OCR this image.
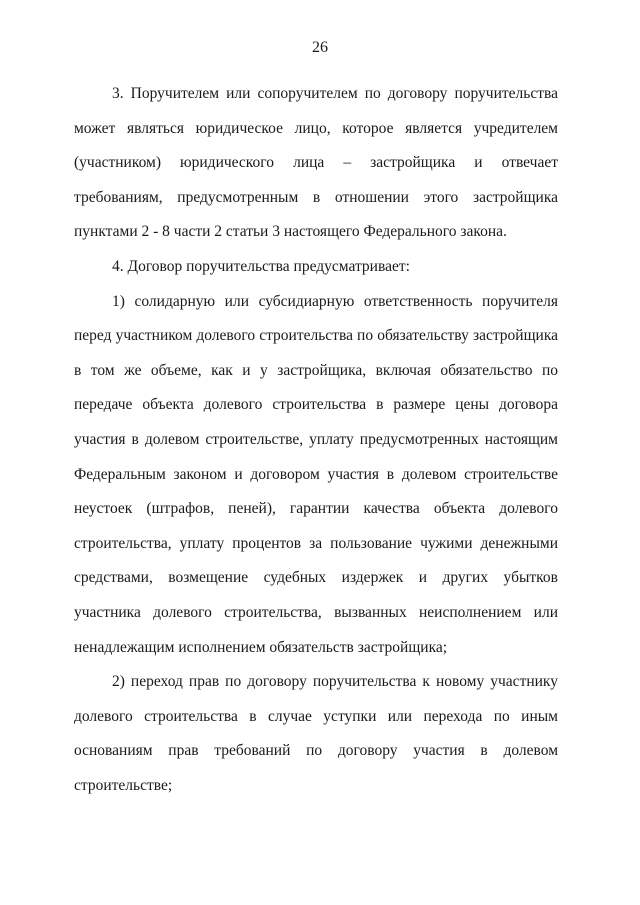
26

3. Поручителем или сопоручителем по договору поручительства может являться юридическое лицо, которое является учредителем (участником) юридического лица – застройщика и отвечает требованиям, предусмотренным в отношении этого застройщика пунктами 2 - 8 части 2 статьи 3 настоящего Федерального закона.

4. Договор поручительства предусматривает:

1) солидарную или субсидиарную ответственность поручителя перед участником долевого строительства по обязательству застройщика в том же объеме, как и у застройщика, включая обязательство по передаче объекта долевого строительства в размере цены договора участия в долевом строительстве, уплату предусмотренных настоящим Федеральным законом и договором участия в долевом строительстве неустоек (штрафов, пеней), гарантии качества объекта долевого строительства, уплату процентов за пользование чужими денежными средствами, возмещение судебных издержек и других убытков участника долевого строительства, вызванных неисполнением или ненадлежащим исполнением обязательств застройщика;

2) переход прав по договору поручительства к новому участнику долевого строительства в случае уступки или перехода по иным основаниям прав требований по договору участия в долевом строительстве;
